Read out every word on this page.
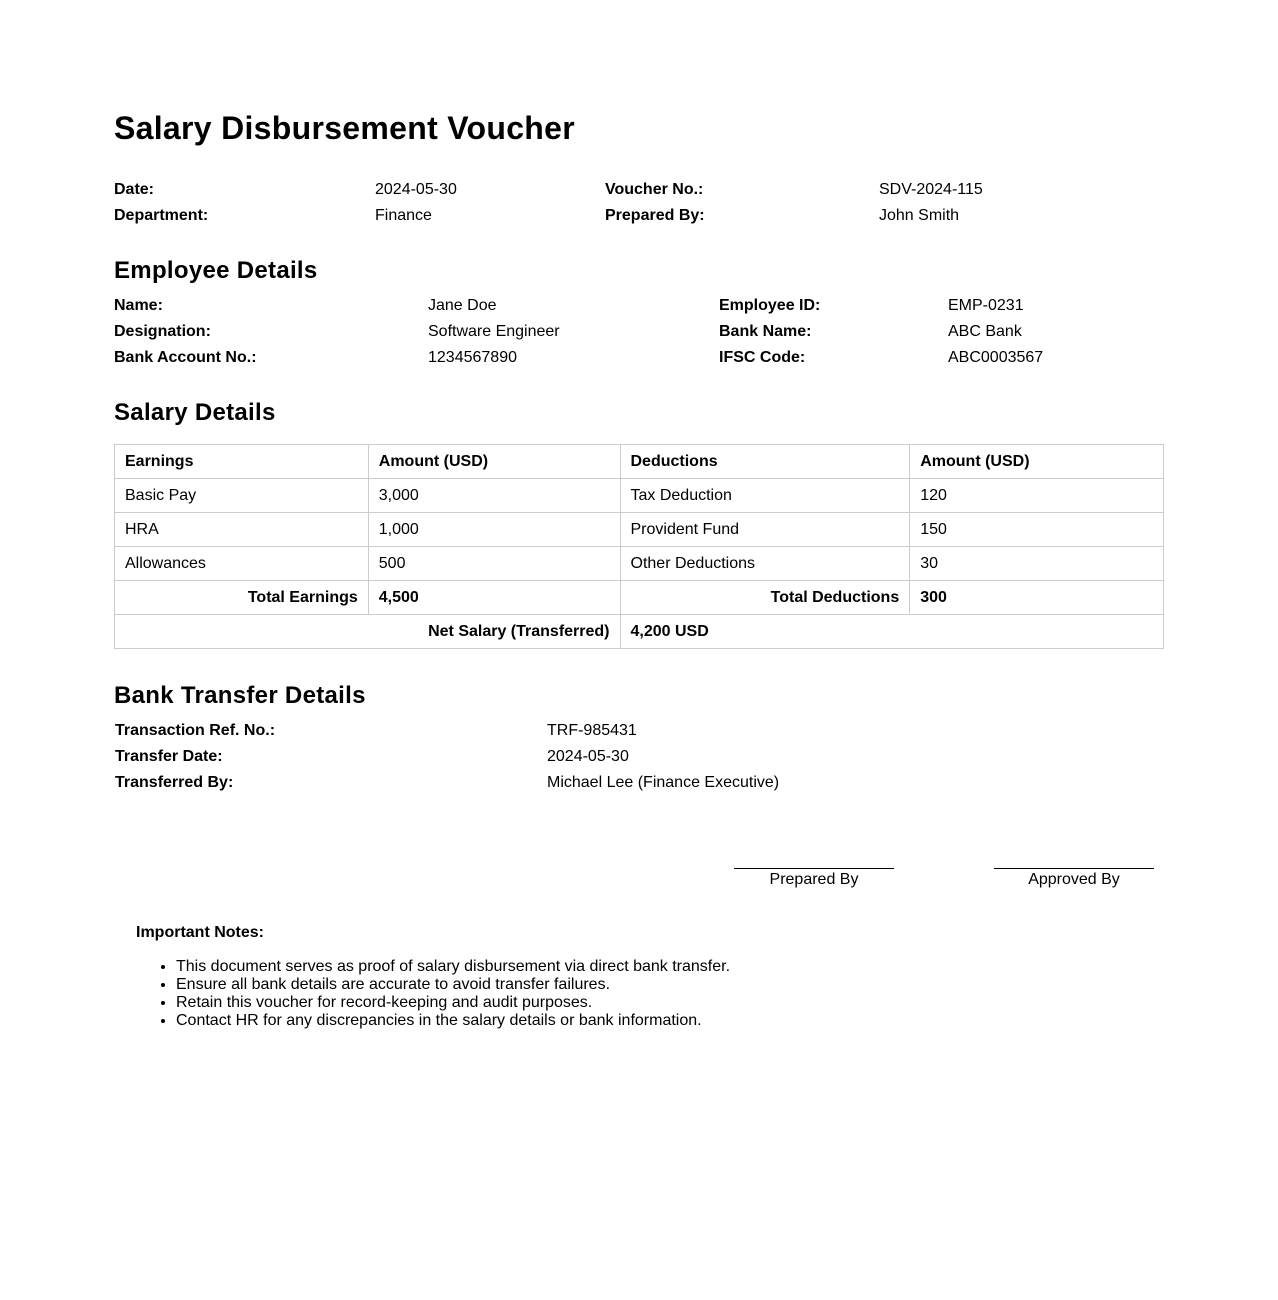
Salary Disbursement Voucher
Date:	2024-05-30	Voucher No.:	SDV-2024-115
Department:	Finance	Prepared By:	John Smith
Employee Details
Name:	Jane Doe	Employee ID:	EMP-0231
Designation:	Software Engineer	Bank Name:	ABC Bank
Bank Account No.:	1234567890	IFSC Code:	ABC0003567
Salary Details
Earnings	Amount (USD)	Deductions	Amount (USD)
Basic Pay	3,000	Tax Deduction	120
HRA	1,000	Provident Fund	150
Allowances	500	Other Deductions	30
Total Earnings	4,500	Total Deductions	300
Net Salary (Transferred)		4,200 USD	
Bank Transfer Details
Transaction Ref. No.:	TRF-985431
Transfer Date:	2024-05-30
Transferred By:	Michael Lee (Finance Executive)
Prepared By	Approved By

Important Notes:

• This document serves as proof of salary disbursement via direct bank transfer.
• Ensure all bank details are accurate to avoid transfer failures.
• Retain this voucher for record-keeping and audit purposes.
• Contact HR for any discrepancies in the salary details or bank information.
